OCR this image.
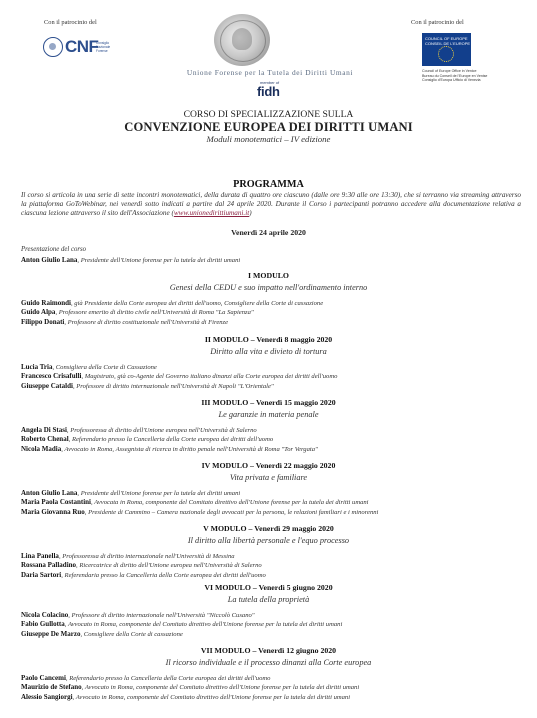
Con il patrocinio del	Con il patrocinio del
CNF
Consiglio Nazionale Forense
Unione Forense per la Tutela dei Diritti Umani
member of
fidh
COUNCIL OF EUROPE
CONSEIL DE L'EUROPE
Council of Europe Office in Venice
Bureau du Conseil de l'Europe en Venise
Consiglio d'Europa Ufficio di Venezia
CORSO DI SPECIALIZZAZIONE SULLA
CONVENZIONE EUROPEA DEI DIRITTI UMANI
Moduli monotematici – IV edizione
PROGRAMMA
Il corso si articola in una serie di sette incontri monotematici, della durata di quattro ore ciascuno (dalle ore 9:30 alle ore 13:30), che si terranno via streaming attraverso la piattaforma GoToWebinar, nei venerdì sotto indicati a partire dal 24 aprile 2020. Durante il Corso i partecipanti potranno accedere alla documentazione relativa a ciascuna lezione attraverso il sito dell'Associazione (www.unionedirittiumani.it)
Venerdì 24 aprile 2020
Presentazione del corso
Anton Giulio Lana, Presidente dell'Unione forense per la tutela dei diritti umani
I MODULO
Genesi della CEDU e suo impatto nell'ordinamento interno
Guido Raimondi, già Presidente della Corte europea dei diritti dell'uomo, Consigliere della Corte di cassazione
Guido Alpa, Professore emerito di diritto civile nell'Università di Roma "La Sapienza"
Filippo Donati, Professore di diritto costituzionale nell'Università di Firenze
II MODULO – Venerdì 8 maggio 2020
Diritto alla vita e divieto di tortura
Lucia Tria, Consigliera della Corte di Cassazione
Francesco Crisafulli, Magistrato, già co-Agente del Governo italiano dinanzi alla Corte europea dei diritti dell'uomo
Giuseppe Cataldi, Professore di diritto internazionale nell'Università di Napoli "L'Orientale"
III MODULO – Venerdì 15 maggio 2020
Le garanzie in materia penale
Angela Di Stasi, Professoressa di diritto dell'Unione europea nell'Università di Salerno
Roberto Chenal, Referendario presso la Cancelleria della Corte europea dei diritti dell'uomo
Nicola Madia, Avvocato in Roma, Assegnista di ricerca in diritto penale nell'Università di Roma "Tor Vergata"
IV MODULO – Venerdì 22 maggio 2020
Vita privata e familiare
Anton Giulio Lana, Presidente dell'Unione forense per la tutela dei diritti umani
Maria Paola Costantini, Avvocata in Roma, componente del Comitato direttivo dell'Unione forense per la tutela dei diritti umani
Maria Giovanna Ruo, Presidente di Cammino – Camera nazionale degli avvocati per la persona, le relazioni familiari e i minorenni
V MODULO – Venerdì 29 maggio 2020
Il diritto alla libertà personale e l'equo processo
Lina Panella, Professoressa di diritto internazionale nell'Università di Messina
Rossana Palladino, Ricercatrice di diritto dell'Unione europea nell'Università di Salerno
Daria Sartori, Referendaria presso la Cancelleria della Corte europea dei diritti dell'uomo
VI MODULO – Venerdì 5 giugno 2020
La tutela della proprietà
Nicola Colacino, Professore di diritto internazionale nell'Università "Niccolò Cusano"
Fabio Gullotta, Avvocato in Roma, componente del Comitato direttivo dell'Unione forense per la tutela dei diritti umani
Giuseppe De Marzo, Consigliere della Corte di cassazione
VII MODULO – Venerdì 12 giugno 2020
Il ricorso individuale e il processo dinanzi alla Corte europea
Paolo Cancemi, Referendario presso la Cancelleria della Corte europea dei diritti dell'uomo
Maurizio de Stefano, Avvocato in Roma, componente del Comitato direttivo dell'Unione forense per la tutela dei diritti umani
Alessio Sangiorgi, Avvocato in Roma, componente del Comitato direttivo dell'Unione forense per la tutela dei diritti umani
